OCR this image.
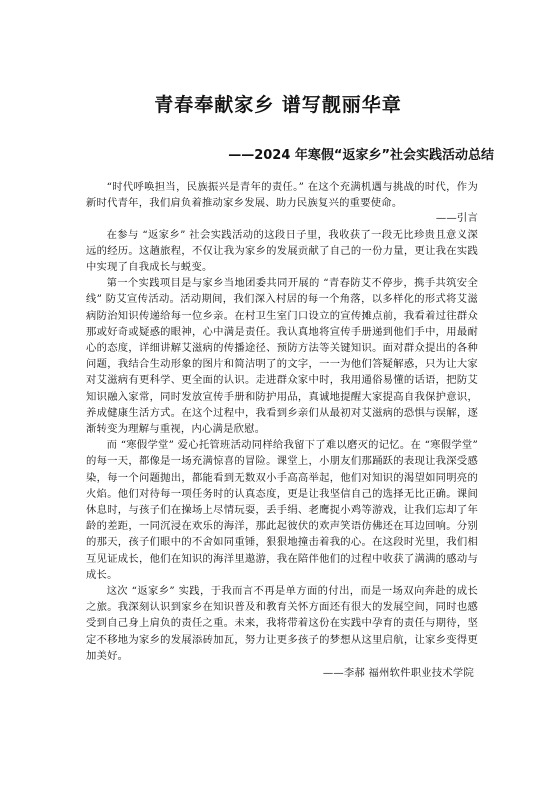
青春奉献家乡 谱写靓丽华章
——2024 年寒假“返家乡”社会实践活动总结

“时代呼唤担当，民族振兴是青年的责任。” 在这个充满机遇与挑战的时代，作为新时代青年，我们肩负着推动家乡发展、助力民族复兴的重要使命。

——引言

在参与 “返家乡” 社会实践活动的这段日子里，我收获了一段无比珍贵且意义深远的经历。这趟旅程，不仅让我为家乡的发展贡献了自己的一份力量，更让我在实践中实现了自我成长与蜕变。

第一个实践项目是与家乡当地团委共同开展的 “青春防艾不停步，携手共筑安全线” 防艾宣传活动。活动期间，我们深入村居的每一个角落，以多样化的形式将艾滋病防治知识传递给每一位乡亲。在村卫生室门口设立的宣传摊点前，我看着过往群众那或好奇或疑惑的眼神，心中满是责任。我认真地将宣传手册递到他们手中，用最耐心的态度，详细讲解艾滋病的传播途径、预防方法等关键知识。面对群众提出的各种问题，我结合生动形象的图片和简洁明了的文字，一一为他们答疑解惑，只为让大家对艾滋病有更科学、更全面的认识。走进群众家中时，我用通俗易懂的话语，把防艾知识融入家常，同时发放宣传手册和防护用品，真诚地提醒大家提高自我保护意识，养成健康生活方式。在这个过程中，我看到乡亲们从最初对艾滋病的恐惧与误解，逐渐转变为理解与重视，内心满是欣慰。

而 “寒假学堂” 爱心托管班活动同样给我留下了难以磨灭的记忆。在 “寒假学堂” 的每一天，都像是一场充满惊喜的冒险。课堂上，小朋友们那踊跃的表现让我深受感染，每一个问题抛出，都能看到无数双小手高高举起，他们对知识的渴望如同明亮的火焰。他们对待每一项任务时的认真态度，更是让我坚信自己的选择无比正确。课间休息时，与孩子们在操场上尽情玩耍，丢手绢、老鹰捉小鸡等游戏，让我们忘却了年龄的差距，一同沉浸在欢乐的海洋，那此起彼伏的欢声笑语仿佛还在耳边回响。分别的那天，孩子们眼中的不舍如同重锤，狠狠地撞击着我的心。在这段时光里，我们相互见证成长，他们在知识的海洋里遨游，我在陪伴他们的过程中收获了满满的感动与成长。

这次 “返家乡” 实践，于我而言不再是单方面的付出，而是一场双向奔赴的成长之旅。我深刻认识到家乡在知识普及和教育关怀方面还有很大的发展空间，同时也感受到自己身上肩负的责任之重。未来，我将带着这份在实践中孕育的责任与期待，坚定不移地为家乡的发展添砖加瓦，努力让更多孩子的梦想从这里启航，让家乡变得更加美好。

——李郝 福州软件职业技术学院
